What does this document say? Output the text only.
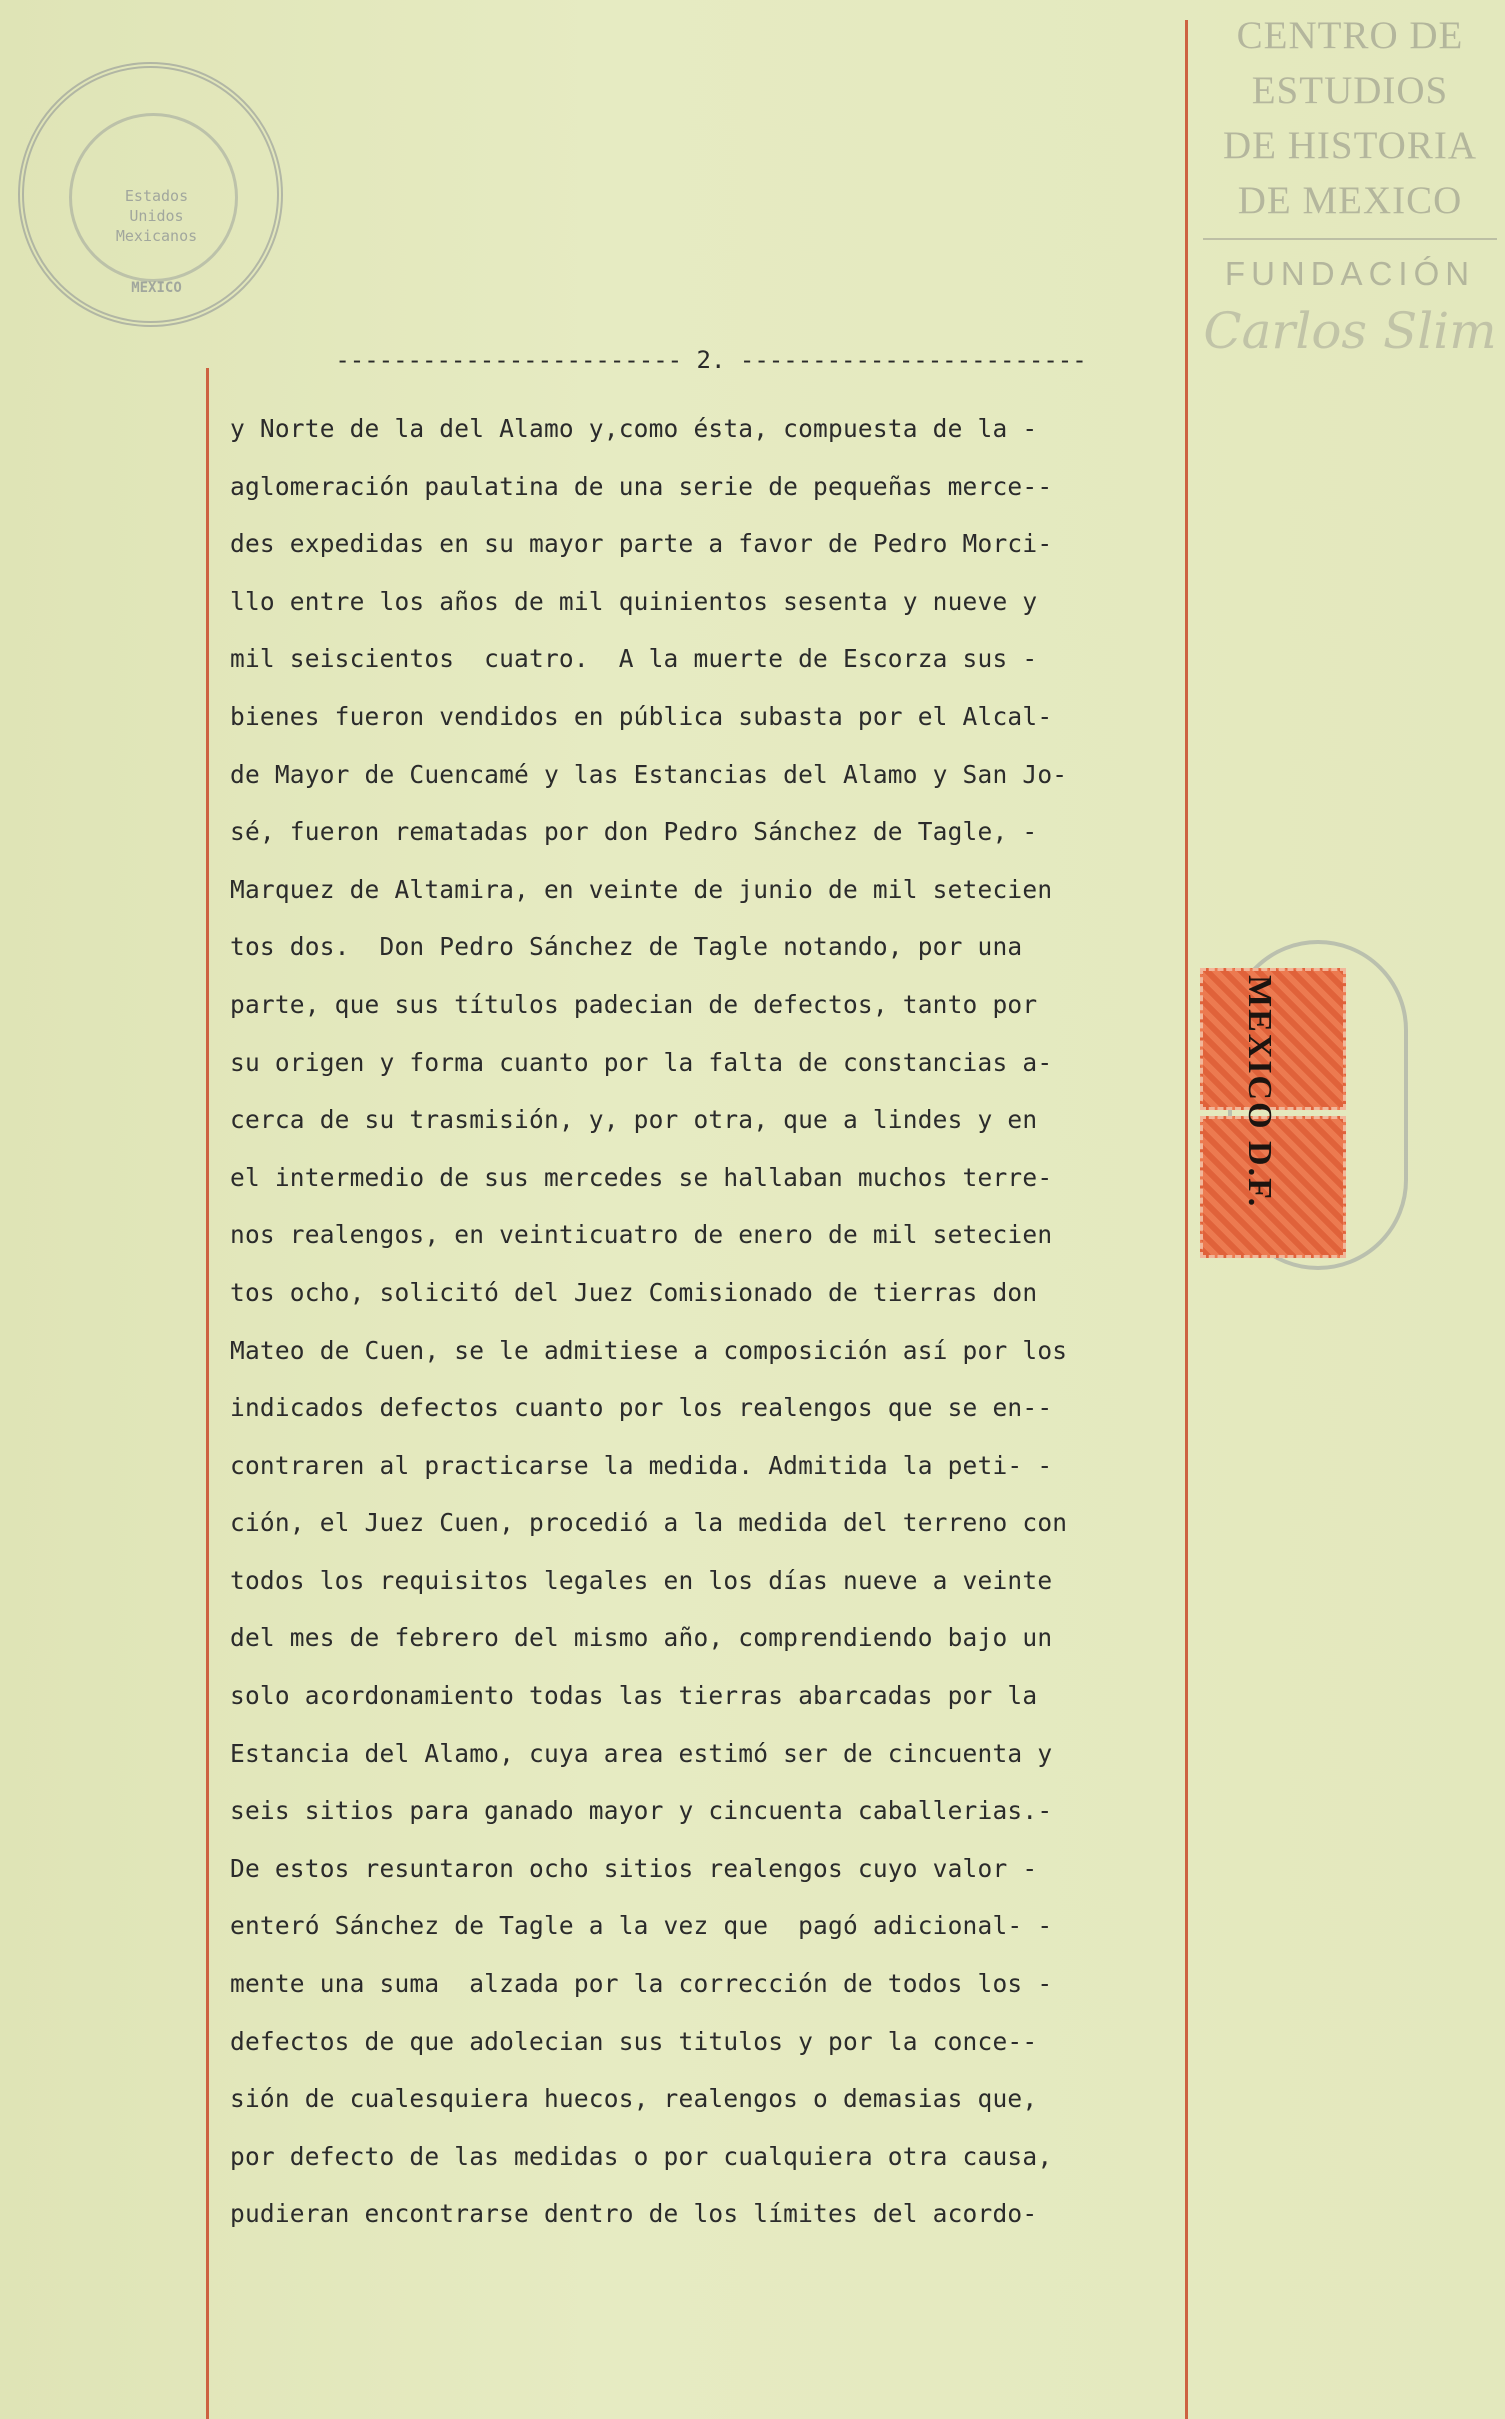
Estados Unidos
Mexicanos
MEXICO
CENTRO DE
ESTUDIOS
DE HISTORIA
DE MEXICO
FUNDACIÓN
Carlos Slim
------------------------ 2. ------------------------
y Norte de la del Alamo y,como ésta, compuesta de la -
aglomeración paulatina de una serie de pequeñas merce--
des expedidas en su mayor parte a favor de Pedro Morci-
llo entre los años de mil quinientos sesenta y nueve y
mil seiscientos  cuatro.  A la muerte de Escorza sus -
bienes fueron vendidos en pública subasta por el Alcal-
de Mayor de Cuencamé y las Estancias del Alamo y San Jo-
sé, fueron rematadas por don Pedro Sánchez de Tagle, -
Marquez de Altamira, en veinte de junio de mil setecien
tos dos.  Don Pedro Sánchez de Tagle notando, por una
parte, que sus títulos padecian de defectos, tanto por
su origen y forma cuanto por la falta de constancias a-
cerca de su trasmisión, y, por otra, que a lindes y en
el intermedio de sus mercedes se hallaban muchos terre-
nos realengos, en veinticuatro de enero de mil setecien
tos ocho, solicitó del Juez Comisionado de tierras don
Mateo de Cuen, se le admitiese a composición así por los
indicados defectos cuanto por los realengos que se en--
contraren al practicarse la medida. Admitida la peti- -
ción, el Juez Cuen, procedió a la medida del terreno con
todos los requisitos legales en los días nueve a veinte
del mes de febrero del mismo año, comprendiendo bajo un
solo acordonamiento todas las tierras abarcadas por la
Estancia del Alamo, cuya area estimó ser de cincuenta y
seis sitios para ganado mayor y cincuenta caballerias.-
De estos resuntaron ocho sitios realengos cuyo valor -
enteró Sánchez de Tagle a la vez que  pagó adicional- -
mente una suma  alzada por la corrección de todos los -
defectos de que adolecian sus titulos y por la conce--
sión de cualesquiera huecos, realengos o demasias que,
por defecto de las medidas o por cualquiera otra causa,
pudieran encontrarse dentro de los límites del acordo-
MEXICO D.F.
